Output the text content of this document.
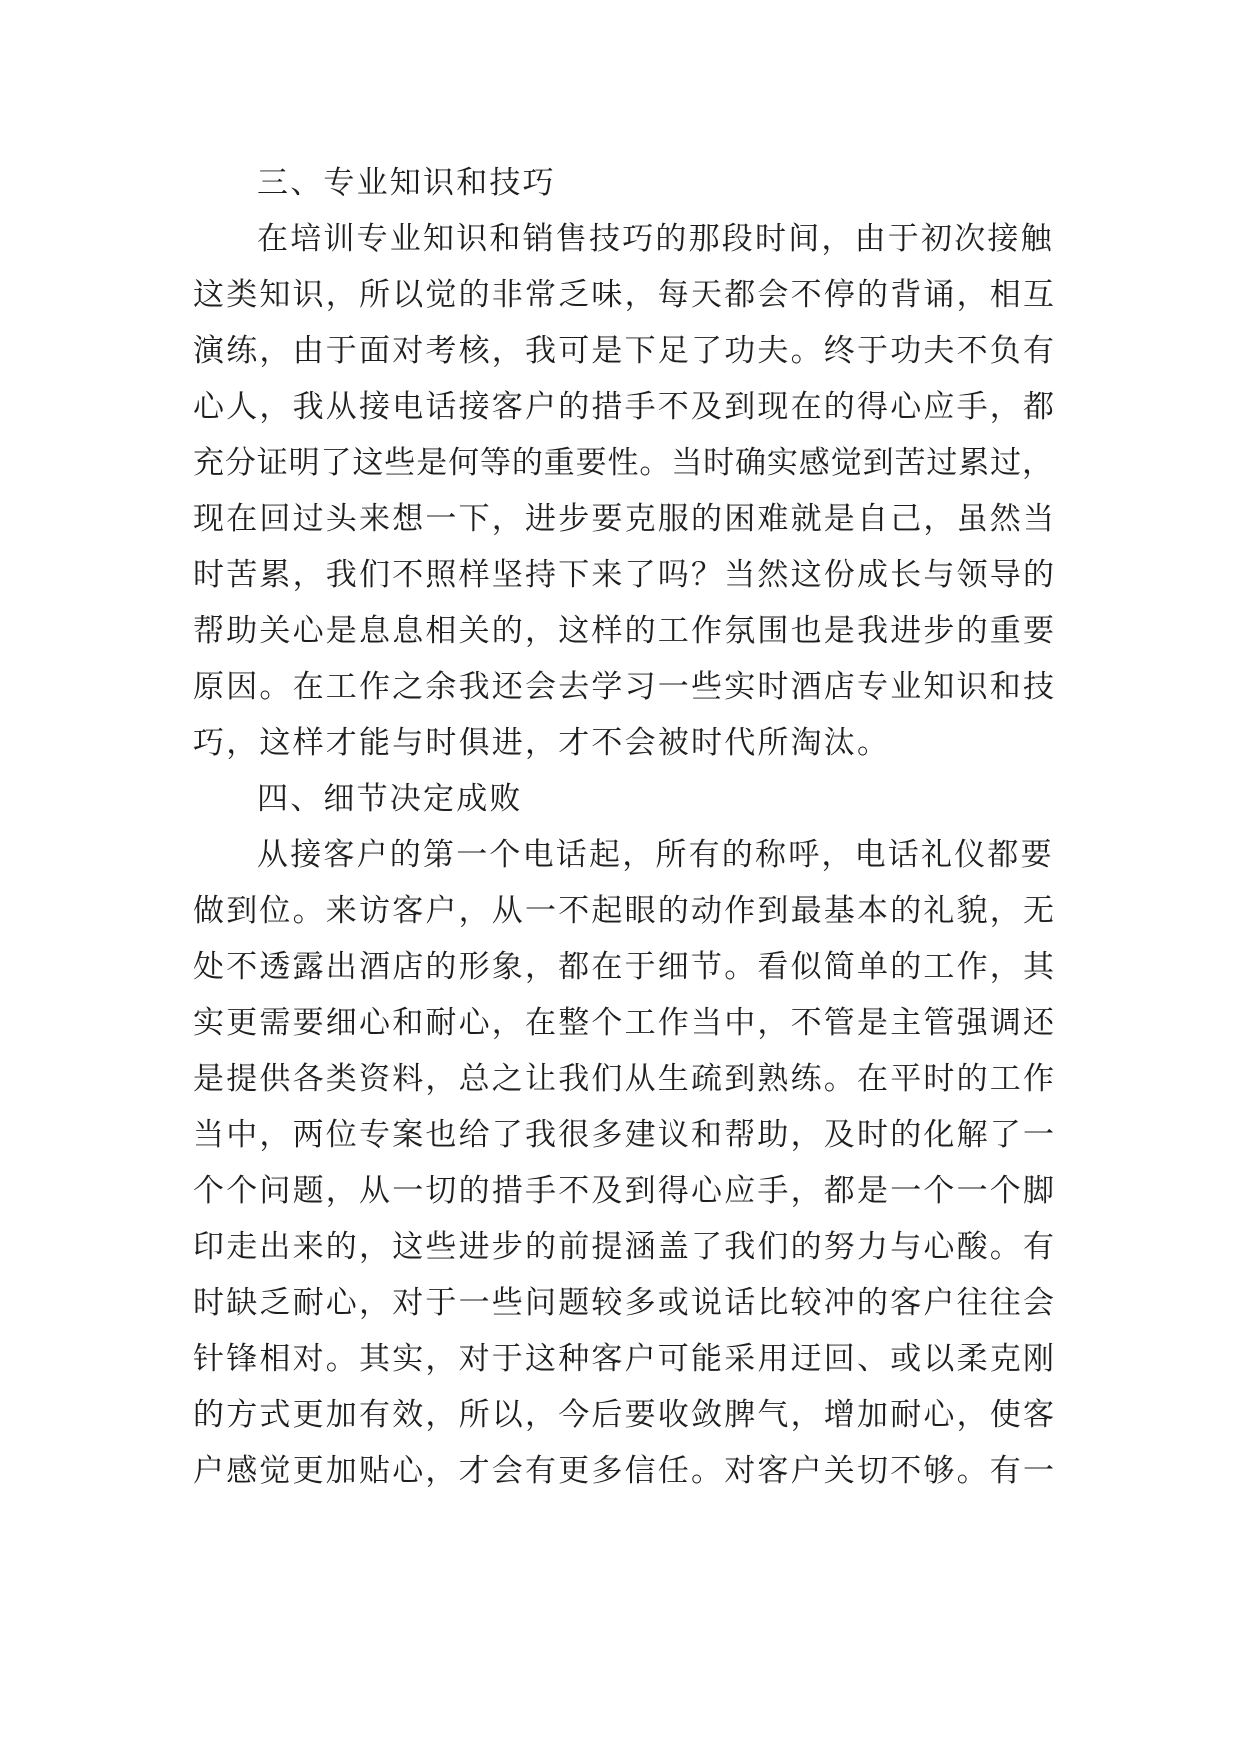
三、专业知识和技巧
在培训专业知识和销售技巧的那段时间，由于初次接触
这类知识，所以觉的非常乏味，每天都会不停的背诵，相互
演练，由于面对考核，我可是下足了功夫。终于功夫不负有
心人，我从接电话接客户的措手不及到现在的得心应手，都
充分证明了这些是何等的重要性。当时确实感觉到苦过累过，
现在回过头来想一下，进步要克服的困难就是自己，虽然当
时苦累，我们不照样坚持下来了吗？当然这份成长与领导的
帮助关心是息息相关的，这样的工作氛围也是我进步的重要
原因。在工作之余我还会去学习一些实时酒店专业知识和技
巧，这样才能与时俱进，才不会被时代所淘汰。
四、细节决定成败
从接客户的第一个电话起，所有的称呼，电话礼仪都要
做到位。来访客户，从一不起眼的动作到最基本的礼貌，无
处不透露出酒店的形象，都在于细节。看似简单的工作，其
实更需要细心和耐心，在整个工作当中，不管是主管强调还
是提供各类资料，总之让我们从生疏到熟练。在平时的工作
当中，两位专案也给了我很多建议和帮助，及时的化解了一
个个问题，从一切的措手不及到得心应手，都是一个一个脚
印走出来的，这些进步的前提涵盖了我们的努力与心酸。有
时缺乏耐心，对于一些问题较多或说话比较冲的客户往往会
针锋相对。其实，对于这种客户可能采用迂回、或以柔克刚
的方式更加有效，所以，今后要收敛脾气，增加耐心，使客
户感觉更加贴心，才会有更多信任。对客户关切不够。有一
